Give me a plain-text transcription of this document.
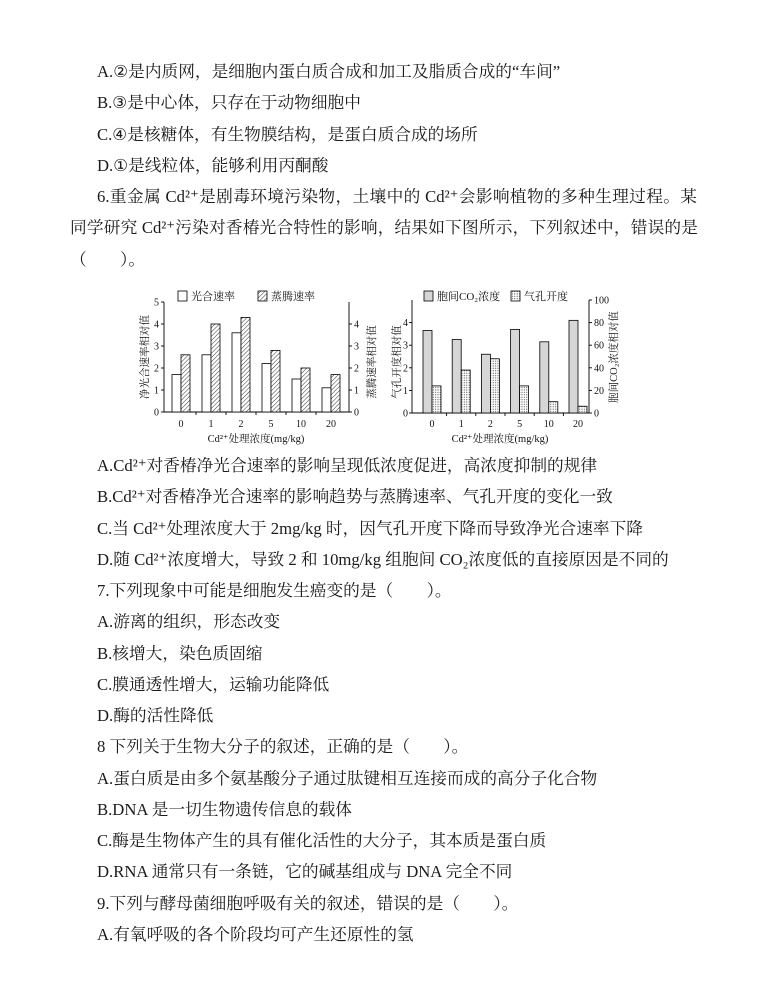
A.②是内质网，是细胞内蛋白质合成和加工及脂质合成的“车间”
B.③是中心体，只存在于动物细胞中
C.④是核糖体，有生物膜结构，是蛋白质合成的场所
D.①是线粒体，能够利用丙酮酸
6.重金属 Cd²⁺是剧毒环境污染物，土壤中的 Cd²⁺会影响植物的多种生理过程。某
同学研究 Cd²⁺污染对香椿光合特性的影响，结果如下图所示，下列叙述中，错误的是
（　　）。
0
1
2
3
4
5
0
1
2
3
4
0	1	2	5 10 20
光合速率	蒸腾速率
净光合速率相对值	蒸腾速率相对值
Cd²⁺处理浓度(mg/kg)
0
1
2
3
4
0
20
40
60
80
100
0 1 2 5 10 20
胞间CO₂浓度 气孔开度
气孔开度相对值	胞间CO₂浓度相对值
Cd²⁺处理浓度(mg/kg)
A.Cd²⁺对香椿净光合速率的影响呈现低浓度促进，高浓度抑制的规律
B.Cd²⁺对香椿净光合速率的影响趋势与蒸腾速率、气孔开度的变化一致
C.当 Cd²⁺处理浓度大于 2mg/kg 时，因气孔开度下降而导致净光合速率下降
D.随 Cd²⁺浓度增大，导致 2 和 10mg/kg 组胞间 CO₂浓度低的直接原因是不同的
7.下列现象中可能是细胞发生癌变的是（　　）。
A.游离的组织，形态改变
B.核增大，染色质固缩
C.膜通透性增大，运输功能降低
D.酶的活性降低
8 下列关于生物大分子的叙述，正确的是（　　）。
A.蛋白质是由多个氨基酸分子通过肽键相互连接而成的高分子化合物
B.DNA 是一切生物遗传信息的载体
C.酶是生物体产生的具有催化活性的大分子，其本质是蛋白质
D.RNA 通常只有一条链，它的碱基组成与 DNA 完全不同
9.下列与酵母菌细胞呼吸有关的叙述，错误的是（　　）。
A.有氧呼吸的各个阶段均可产生还原性的氢
